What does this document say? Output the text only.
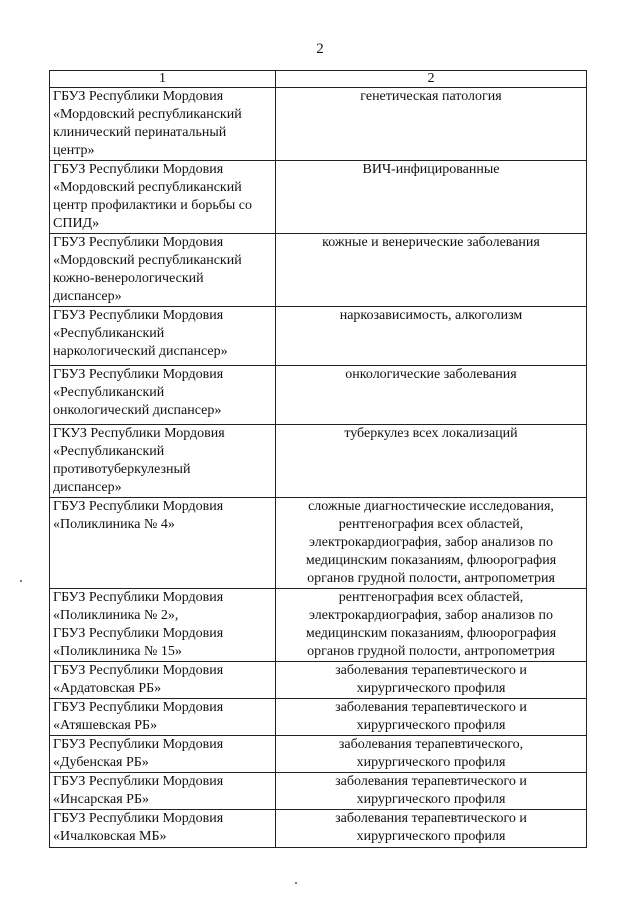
2
1	2

ГБУЗ Республики Мордовия
«Мордовский республиканский
клинический перинатальный
центр»	генетическая патология

ГБУЗ Республики Мордовия
«Мордовский республиканский
центр профилактики и борьбы со
СПИД»	ВИЧ-инфицированные

ГБУЗ Республики Мордовия
«Мордовский республиканский
кожно-венерологический
диспансер»	кожные и венерические заболевания

ГБУЗ Республики Мордовия
«Республиканский
наркологический диспансер»	наркозависимость, алкоголизм

ГБУЗ Республики Мордовия
«Республиканский
онкологический диспансер»	онкологические заболевания

ГКУЗ Республики Мордовия
«Республиканский
противотуберкулезный
диспансер»	туберкулез всех локализаций

ГБУЗ Республики Мордовия
«Поликлиника № 4»	сложные диагностические исследования,
рентгенография всех областей,
электрокардиография, забор анализов по
медицинским показаниям, флюорография
органов грудной полости, антропометрия

ГБУЗ Республики Мордовия
«Поликлиника № 2»,
ГБУЗ Республики Мордовия
«Поликлиника № 15»	рентгенография всех областей,
электрокардиография, забор анализов по
медицинским показаниям, флюорография
органов грудной полости, антропометрия

ГБУЗ Республики Мордовия
«Ардатовская РБ»	заболевания терапевтического и
хирургического профиля

ГБУЗ Республики Мордовия
«Атяшевская РБ»	заболевания терапевтического и
хирургического профиля

ГБУЗ Республики Мордовия
«Дубенская РБ»	заболевания терапевтического,
хирургического профиля

ГБУЗ Республики Мордовия
«Инсарская РБ»	заболевания терапевтического и
хирургического профиля

ГБУЗ Республики Мордовия
«Ичалковская МБ»	заболевания терапевтического и
хирургического профиля
